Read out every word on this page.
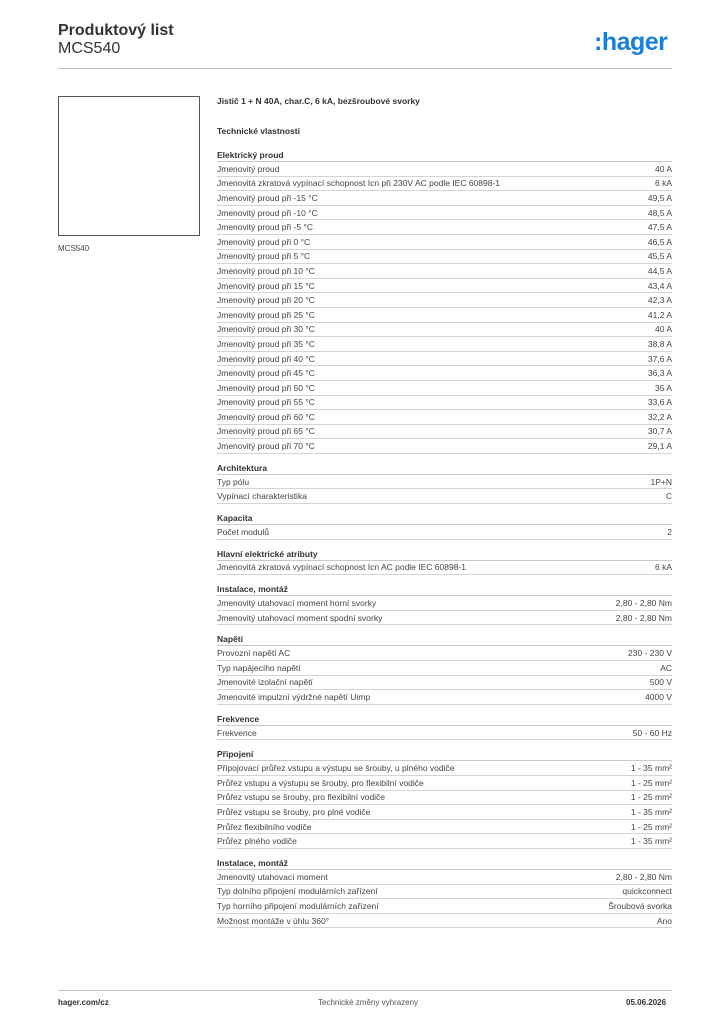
Produktový list
MCS540	:hager
MCS540
Jistič 1 + N 40A, char.C, 6 kA, bezšroubové svorky
Technické vlastnosti
Elektrický proud
Jmenovitý proud	40 A
Jmenovitá zkratová vypínací schopnost Icn při 230V AC podle IEC 60898-1	6 kA
Jmenovitý proud při -15 °C	49,5 A
Jmenovitý proud při -10 °C	48,5 A
Jmenovitý proud při -5 °C	47,5 A
Jmenovitý proud při 0 °C	46,5 A
Jmenovitý proud při 5 °C	45,5 A
Jmenovitý proud při 10 °C	44,5 A
Jmenovitý proud při 15 °C	43,4 A
Jmenovitý proud při 20 °C	42,3 A
Jmenovitý proud při 25 °C	41,2 A
Jmenovitý proud při 30 °C	40 A
Jmenovitý proud při 35 °C	38,8 A
Jmenovitý proud při 40 °C	37,6 A
Jmenovitý proud při 45 °C	36,3 A
Jmenovitý proud při 50 °C	35 A
Jmenovitý proud při 55 °C	33,6 A
Jmenovitý proud při 60 °C	32,2 A
Jmenovitý proud při 65 °C	30,7 A
Jmenovitý proud při 70 °C	29,1 A
Architektura
Typ pólu	1P+N
Vypínací charakteristika	C
Kapacita
Počet modulů	2
Hlavní elektrické atributy
Jmenovitá zkratová vypínací schopnost Icn AC podle IEC 60898-1	6 kA
Instalace, montáž
Jmenovitý utahovací moment horní svorky	2,80 - 2,80 Nm
Jmenovitý utahovací moment spodní svorky	2,80 - 2,80 Nm
Napětí
Provozní napětí AC	230 - 230 V
Typ napájecího napětí	AC
Jmenovité izolační napětí	500 V
Jmenovité impulzní výdržné napětí Uimp	4000 V
Frekvence
Frekvence	50 - 60 Hz
Připojení
Připojovací průřez vstupu a výstupu se šrouby, u plného vodiče	1 - 35 mm²
Průřez vstupu a výstupu se šrouby, pro flexibilní vodiče	1 - 25 mm²
Průřez vstupu se šrouby, pro flexibilní vodiče	1 - 25 mm²
Průřez vstupu se šrouby, pro plné vodiče	1 - 35 mm²
Průřez flexibilního vodiče	1 - 25 mm²
Průřez plného vodiče	1 - 35 mm²
Instalace, montáž
Jmenovitý utahovací moment	2,80 - 2,80 Nm
Typ dolního připojení modulárních zařízení	quickconnect
Typ horního připojení modulárních zařízení	Šroubová svorka
Možnost montáže v úhlu 360°	Ano
hager.com/cz	Technické změny vyhrazeny	05.06.2026
